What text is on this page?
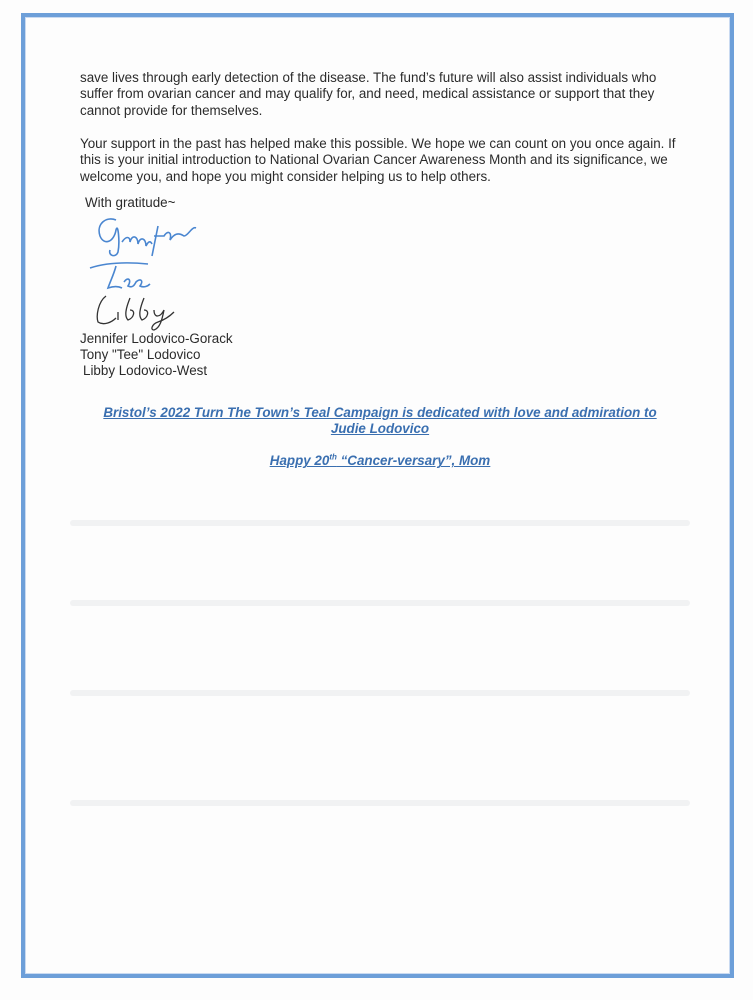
save lives through early detection of the disease. The fund’s future will also assist individuals who suffer from ovarian cancer and may qualify for, and need, medical assistance or support that they cannot provide for themselves.

Your support in the past has helped make this possible. We hope we can count on you once again. If this is your initial introduction to National Ovarian Cancer Awareness Month and its significance, we welcome you, and hope you might consider helping us to help others.

With gratitude~
Jennifer Lodovico-Gorack
Tony "Tee" Lodovico
Libby Lodovico-West
Bristol’s 2022 Turn The Town’s Teal Campaign is dedicated with love and admiration to Judie Lodovico
Happy 20th “Cancer-versary”, Mom
